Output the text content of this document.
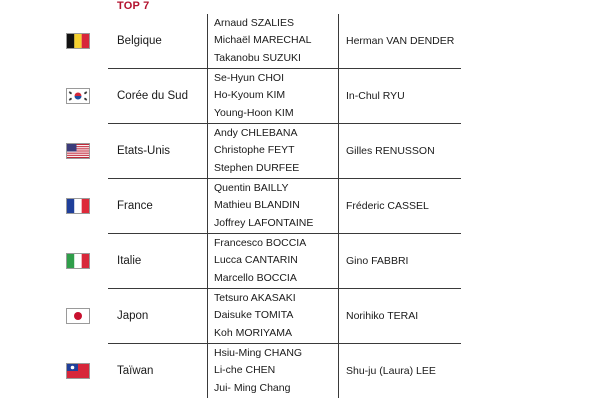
TOP 7
Belgique
Arnaud SZALIES
Michaël MARECHAL
Takanobu SUZUKI
Herman VAN DENDER
Corée du Sud
Se-Hyun CHOI
Ho-Kyoum KIM
Young-Hoon KIM
In-Chul RYU
Etats-Unis
Andy CHLEBANA
Christophe FEYT
Stephen DURFEE
Gilles RENUSSON
France
Quentin BAILLY
Mathieu BLANDIN
Joffrey LAFONTAINE
Fréderic CASSEL
Italie
Francesco BOCCIA
Lucca CANTARIN
Marcello BOCCIA
Gino FABBRI
Japon
Tetsuro AKASAKI
Daisuke TOMITA
Koh MORIYAMA
Norihiko TERAI
Taïwan
Hsiu-Ming CHANG
Li-che CHEN
Jui- Ming Chang
Shu-ju (Laura) LEE
